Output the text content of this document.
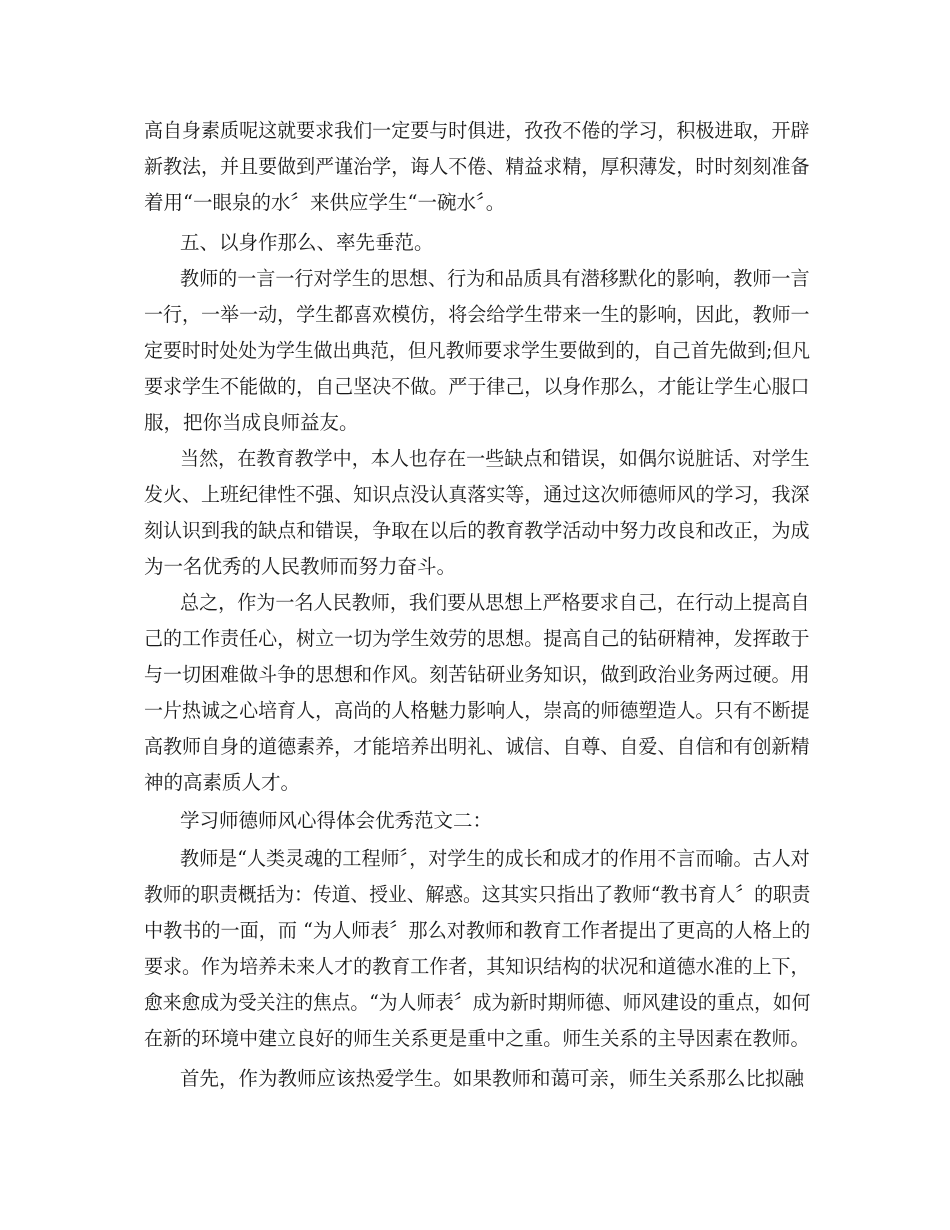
高自身素质呢这就要求我们一定要与时俱进，孜孜不倦的学习，积极进取，开辟
新教法，并且要做到严谨治学，诲人不倦、精益求精，厚积薄发，时时刻刻准备
着用“一眼泉的水〞来供应学生“一碗水〞。
五、以身作那么、率先垂范。
教师的一言一行对学生的思想、行为和品质具有潜移默化的影响，教师一言
一行，一举一动，学生都喜欢模仿，将会给学生带来一生的影响，因此，教师一
定要时时处处为学生做出典范，但凡教师要求学生要做到的，自己首先做到;但凡
要求学生不能做的，自己坚决不做。严于律己，以身作那么，才能让学生心服口
服，把你当成良师益友。
当然，在教育教学中，本人也存在一些缺点和错误，如偶尔说脏话、对学生
发火、上班纪律性不强、知识点没认真落实等，通过这次师德师风的学习，我深
刻认识到我的缺点和错误，争取在以后的教育教学活动中努力改良和改正，为成
为一名优秀的人民教师而努力奋斗。
总之，作为一名人民教师，我们要从思想上严格要求自己，在行动上提高自
己的工作责任心，树立一切为学生效劳的思想。提高自己的钻研精神，发挥敢于
与一切困难做斗争的思想和作风。刻苦钻研业务知识，做到政治业务两过硬。用
一片热诚之心培育人，高尚的人格魅力影响人，崇高的师德塑造人。只有不断提
高教师自身的道德素养，才能培养出明礼、诚信、自尊、自爱、自信和有创新精
神的高素质人才。
学习师德师风心得体会优秀范文二：
教师是“人类灵魂的工程师〞，对学生的成长和成才的作用不言而喻。古人对
教师的职责概括为：传道、授业、解惑。这其实只指出了教师“教书育人〞的职责
中教书的一面，而 “为人师表〞那么对教师和教育工作者提出了更高的人格上的
要求。作为培养未来人才的教育工作者，其知识结构的状况和道德水准的上下，
愈来愈成为受关注的焦点。“为人师表〞成为新时期师德、师风建设的重点，如何
在新的环境中建立良好的师生关系更是重中之重。师生关系的主导因素在教师。
首先，作为教师应该热爱学生。如果教师和蔼可亲，师生关系那么比拟融
